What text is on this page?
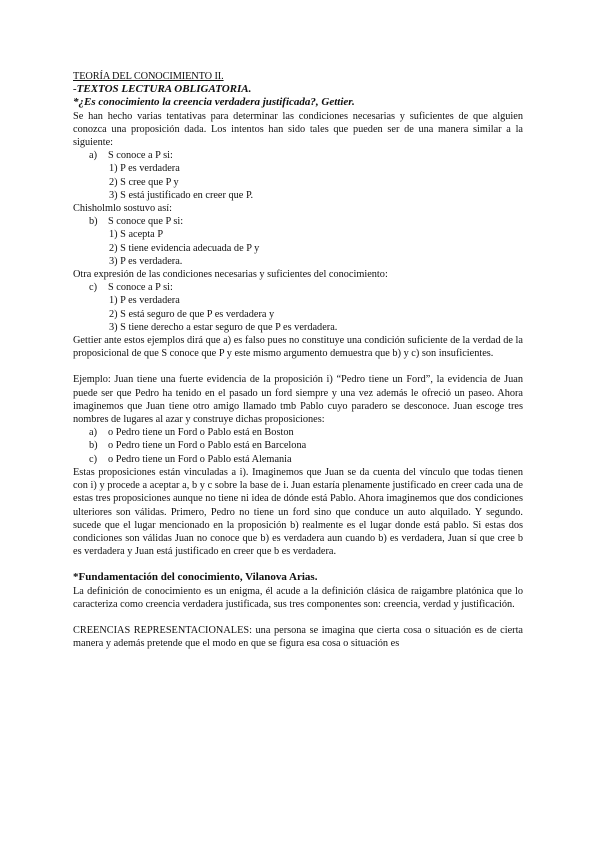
TEORÍA DEL CONOCIMIENTO II.
-TEXTOS LECTURA OBLIGATORIA.
*¿Es conocimiento la creencia verdadera justificada?, Gettier.
Se han hecho varias tentativas para determinar las condiciones necesarias y suficientes de que alguien conozca una proposición dada. Los intentos han sido tales que pueden ser de una manera similar a la siguiente:
a) S conoce a P si:
1) P es verdadera
2) S cree que P y
3) S está justificado en creer que P.
Chisholmlo sostuvo así:
b) S conoce que P si:
1) S acepta P
2) S tiene evidencia adecuada de P y
3) P es verdadera.
Otra expresión de las condiciones necesarias y suficientes del conocimiento:
c) S conoce a P si:
1) P es verdadera
2) S está seguro de que P es verdadera y
3) S tiene derecho a estar seguro de que P es verdadera.
Gettier ante estos ejemplos dirá que a) es falso pues no constituye una condición suficiente de la verdad de la proposicional de que S conoce que P y este mismo argumento demuestra que b) y c) son insuficientes.
Ejemplo: Juan tiene una fuerte evidencia de la proposición i) “Pedro tiene un Ford”, la evidencia de Juan puede ser que Pedro ha tenido en el pasado un ford siempre y una vez además le ofreció un paseo. Ahora imaginemos que Juan tiene otro amigo llamado tmb Pablo cuyo paradero se desconoce. Juan escoge tres nombres de lugares al azar y construye dichas proposiciones:
a) o Pedro tiene un Ford o Pablo está en Boston
b) o Pedro tiene un Ford o Pablo está en Barcelona
c) o Pedro tiene un Ford o Pablo está Alemania
Estas proposiciones están vinculadas a i). Imaginemos que Juan se da cuenta del vínculo que todas tienen con i) y procede a aceptar a, b y c sobre la base de i. Juan estaría plenamente justificado en creer cada una de estas tres proposiciones aunque no tiene ni idea de dónde está Pablo. Ahora imaginemos que dos condiciones ulteriores son válidas. Primero, Pedro no tiene un ford sino que conduce un auto alquilado. Y segundo. sucede que el lugar mencionado en la proposición b) realmente es el lugar donde está pablo. Si estas dos condiciones son válidas Juan no conoce que b) es verdadera aun cuando b) es verdadera, Juan sí que cree b es verdadera y Juan está justificado en creer que b es verdadera.
*Fundamentación del conocimiento, Vilanova Arias.
La definición de conocimiento es un enigma, él acude a la definición clásica de raigambre platónica que lo caracteriza como creencia verdadera justificada, sus tres componentes son: creencia, verdad y justificación.
CREENCIAS REPRESENTACIONALES: una persona se imagina que cierta cosa o situación es de cierta manera y además pretende que el modo en que se figura esa cosa o situación es
